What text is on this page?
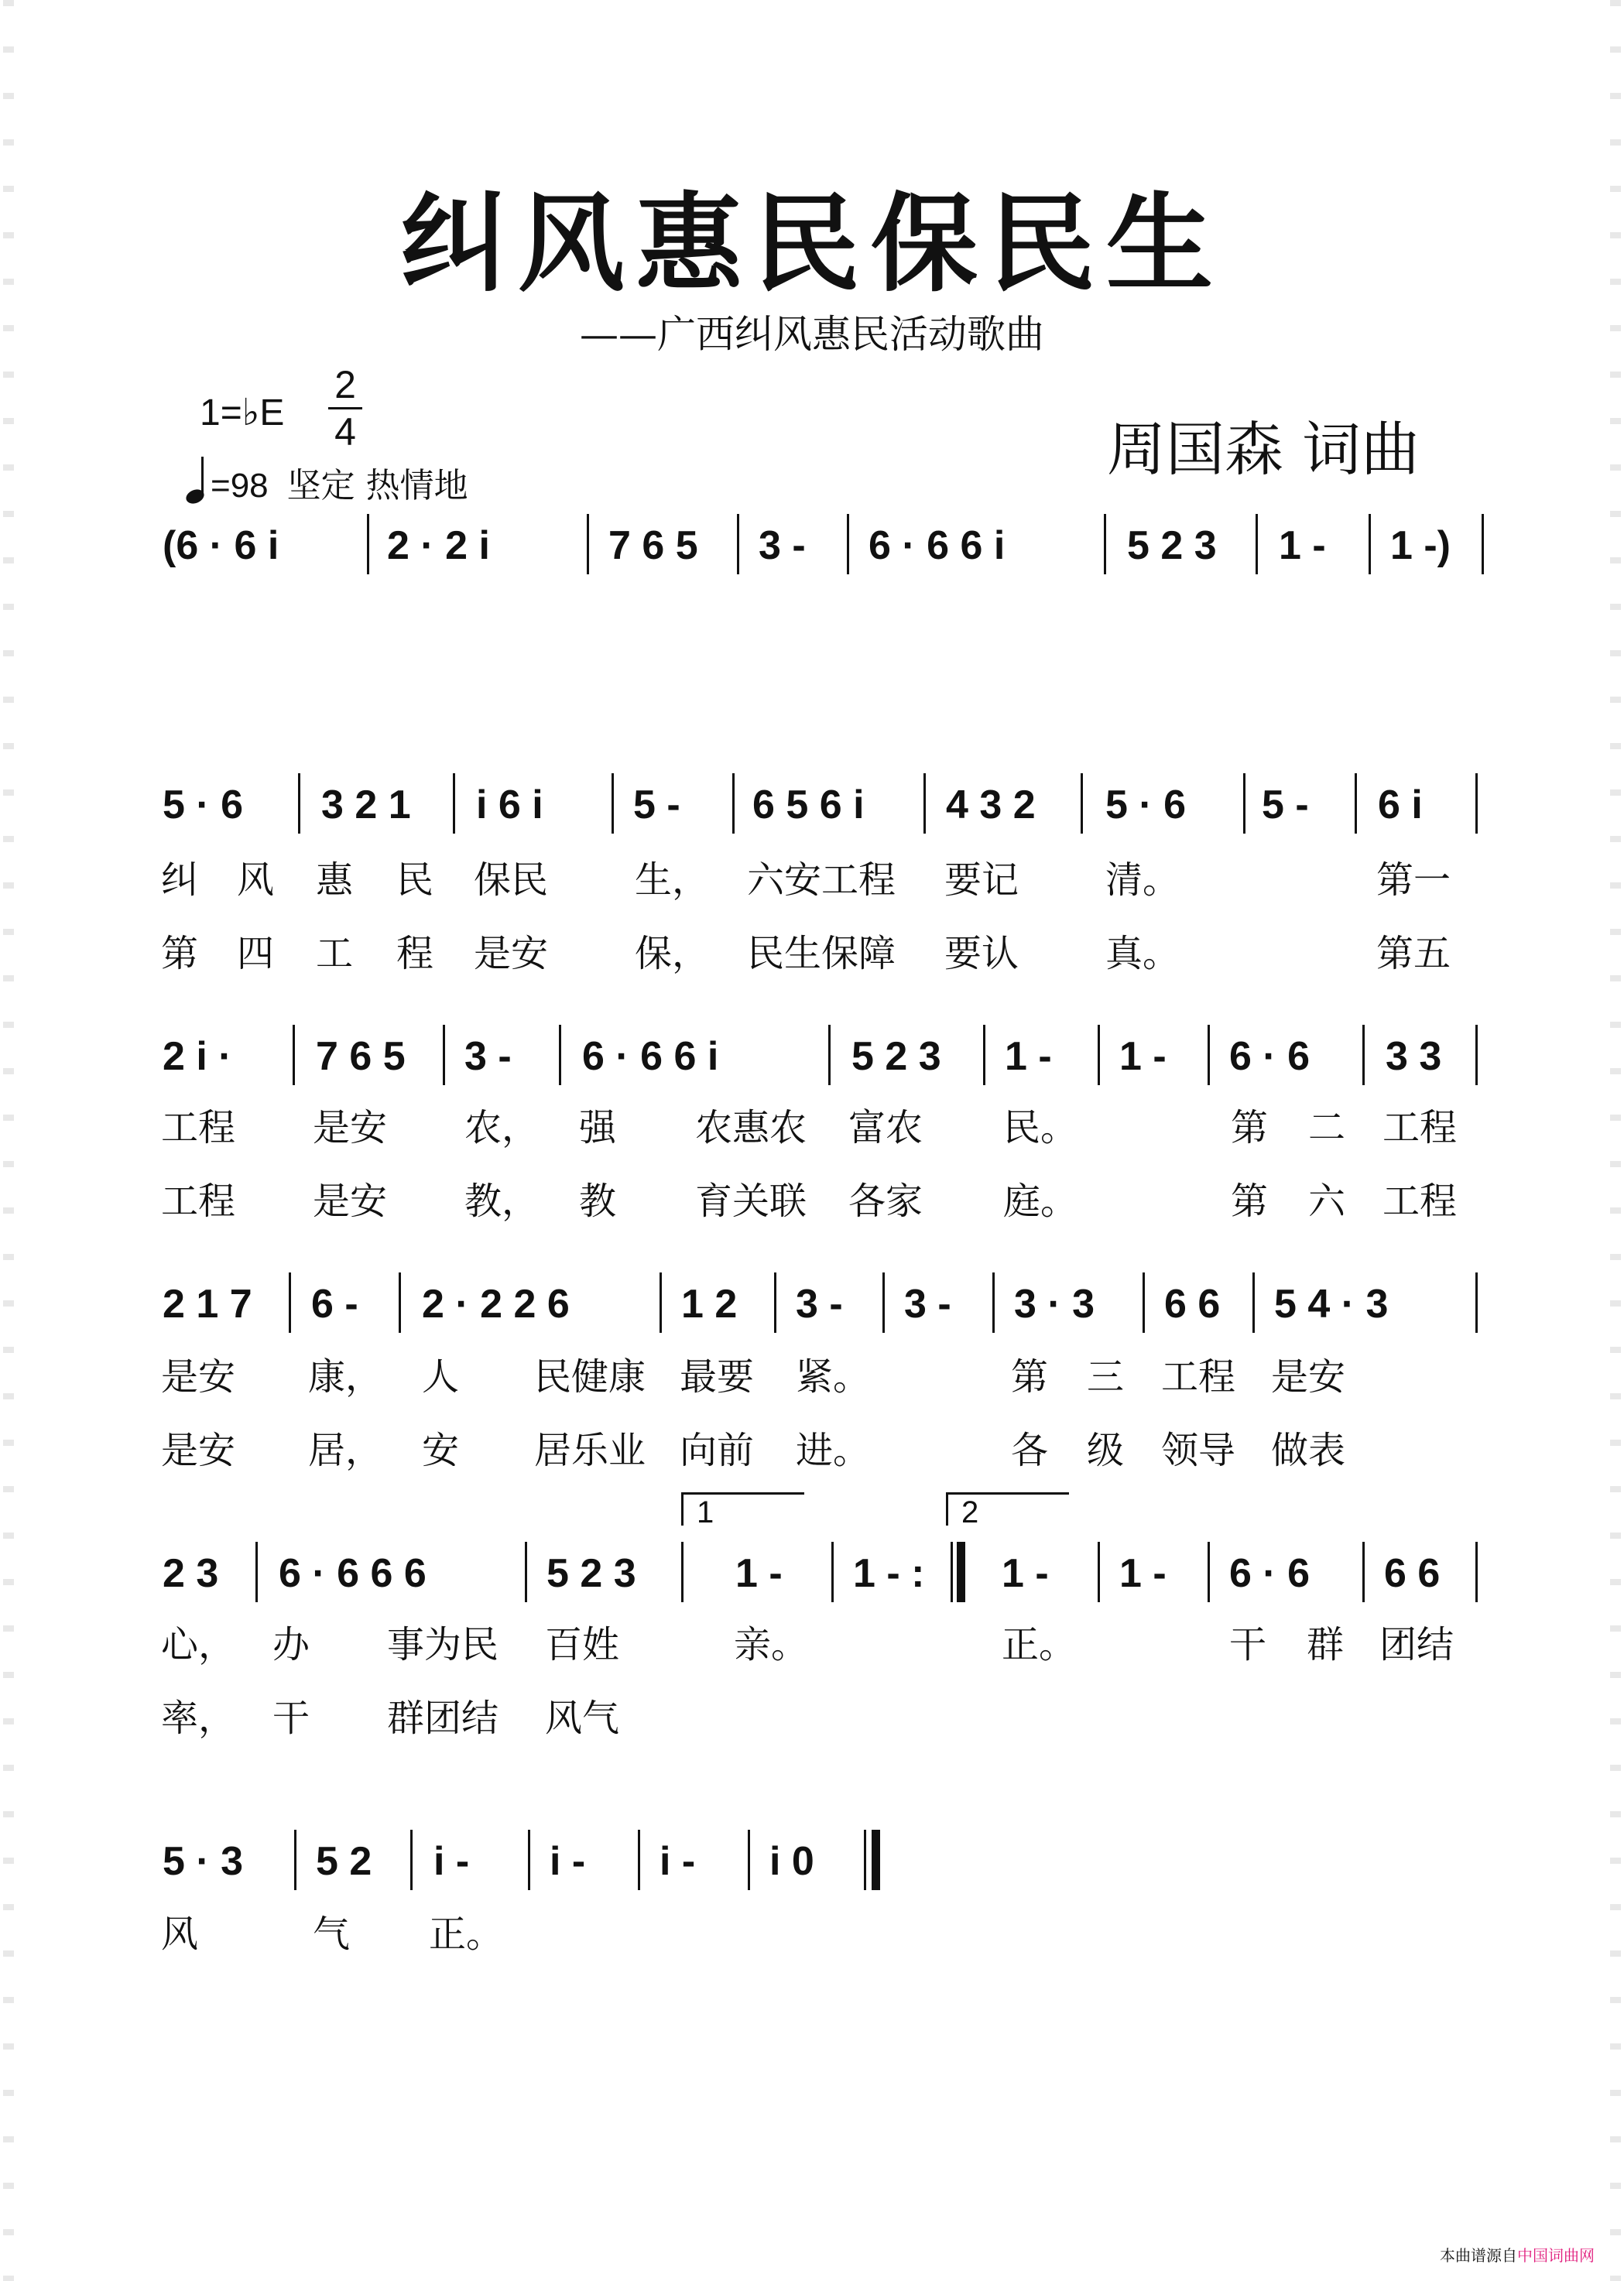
纠风惠民保民生
——广西纠风惠民活动歌曲
周国森 词曲
1=♭E
2
4
=98 坚定 热情地
(6 · 6 i	2 · 2 i	7 6 5	3 -	6 · 6 6 i	5 2 3	1 -	1 -)
5 · 6	3 2 1	i 6 i	5 -	6 5 6 i	4 3 2	5 · 6	5 -	6 i
纠 风 惠 民 保民 生， 六安工程 要记 清。	第一
第 四 工 程 是安 保， 民生保障 要认 真。	第五
2 i ·	7 6 5	3 -	6 · 6 6 i	5 2 3	1 -	1 -	6 · 6	3 3
工程 是安 农， 强 农惠农 富农 民。	第 二 工程
工程 是安 教， 教 育关联 各家 庭。	第 六 工程
2 1 7	6 -	2 · 2 2 6	1 2	3 -	3 -	3 · 3	6 6	5 4 · 3
是安 康， 人 民健康 最要 紧。	第 三 工程 是安
是安 居， 安 居乐业 向前 进。	各 级 领导 做表
1	2
2 3	6 · 6 6 6	5 2 3	1 -	1 - :	1 -	1 -	6 · 6	6 6
心， 办 事为民 百姓	亲。	正。	干 群 团结
率， 干 群团结 风气
5 · 3	5 2	i -	i -	i -	i 0
风	气 正。
本曲谱源自中国词曲网
